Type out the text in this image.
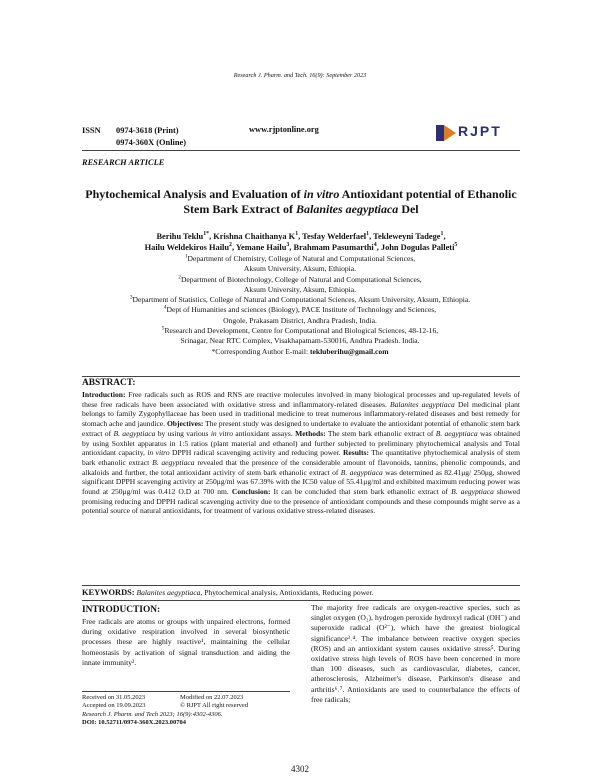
Research J. Pharm. and Tech. 16(9): September 2023
ISSN 0974-3618 (Print)
0974-360X (Online)
www.rjptonline.org	RJPT
RESEARCH ARTICLE
Phytochemical Analysis and Evaluation of in vitro Antioxidant potential of Ethanolic Stem Bark Extract of Balanites aegyptiaca Del
Berihu Teklu$^{1*}$, Krishna Chaithanya $K^1$, Tesfay Welderfael$^1$, Tekleweyni Tadege$^1$,
Hailu Weldekiros Hailu$^2$, Yemane Hailu$^3$, Brahmam Pasumarthi$^4$, John Dogulas Palleti$^5$
$^1$Department of Chemistry, College of Natural and Computational Sciences,
Aksum University, Aksum, Ethiopia.
$^2$Department of Biotechnology, College of Natural and Computational Sciences,
Aksum University, Aksum, Ethiopia.
$^3$Department of Statistics, College of Natural and Computational Sciences, Aksum University, Aksum, Ethiopia.
$^4$Dept of Humanities and sciences (Biology), PACE Institute of Technology and Sciences,
Ongole, Prakasam District, Andhra Pradesh, India.
$^5$Research and Development, Centre for Computational and Biological Sciences, 48-12-16,
Srinagar, Near RTC Complex, Visakhapatnam-530016, Andhra Pradesh. India.
*Corresponding Author E-mail: tekluberihu@gmail.com
ABSTRACT:
Introduction: Free radicals such as ROS and RNS are reactive molecules involved in many biological processes and up-regulated levels of these free radicals have been associated with oxidative stress and inflammatory-related diseases. Balanites aegyptiaca Del medicinal plant belongs to family Zygophyllaceae has been used in traditional medicine to treat numerous inflammatory-related diseases and best remedy for stomach ache and jaundice. Objectives: The present study was designed to undertake to evaluate the antioxidant potential of ethanolic stem bark extract of B. aegyptiaca by using various in vitro antioxidant assays. Methods: The stem bark ethanolic extract of B. aegyptiaca was obtained by using Soxhlet apparatus in 1:5 ratios (plant material and ethanol) and further subjected to preliminary phytochemical analysis and Total antioxidant capacity, in vitro DPPH radical scavenging activity and reducing power. Results: The quantitative phytochemical analysis of stem bark ethanolic extract B. aegyptiaca revealed that the presence of the considerable amount of flavonoids, tannins, phenolic compounds, and alkaloids and further, the total antioxidant activity of stem bark ethanolic extract of B. aegyptiaca was determined as 82.41μg/ 250μg, showed significant DPPH scavenging activity at 250μg/ml was 67.39% with the IC50 value of 55.41μg/ml and exhibited maximum reducing power was found at 250μg/ml was 0.412 O.D at 700 nm. Conclusion: It can be concluded that stem bark ethanolic extract of B. aegyptiaca showed promising reducing and DPPH radical scavenging activity due to the presence of antioxidant compounds and these compounds might serve as a potential source of natural antioxidants, for treatment of various oxidative stress-related diseases.
KEYWORDS: Balanites aegyptiaca, Phytochemical analysis, Antioxidants, Reducing power.
INTRODUCTION:
Free radicals are atoms or groups with unpaired electrons, formed during oxidative respiration involved in several biosynthetic processes these are highly reactive¹, maintaining the cellular homeostasis by activation of signal transduction and aiding the innate immunity².
Received on 31.05.2023	Modified on 22.07.2023
Accepted on 19.09.2023	© RJPT All right reserved
Research J. Pharm. and Tech 2023; 16(9):4302-4306.
DOI: 10.52711/0974-360X.2023.00704
The majority free radicals are oxygen-reactive species, such as singlet oxygen (O₂), hydrogen peroxide hydroxyl radical (OH⁻) and superoxide radical (O²⁻), which have the greatest biological significance³˒⁴. The imbalance between reactive oxygen species (ROS) and an antioxidant system causes oxidative stress⁵. During oxidative stress high levels of ROS have been concerned in more than 100 diseases, such as cardiovascular, diabetes, cancer, atherosclerosis, Alzheimer's disease, Parkinson's disease and arthritis⁶˒⁷. Antioxidants are used to counterbalance the effects of free radicals;
4302
